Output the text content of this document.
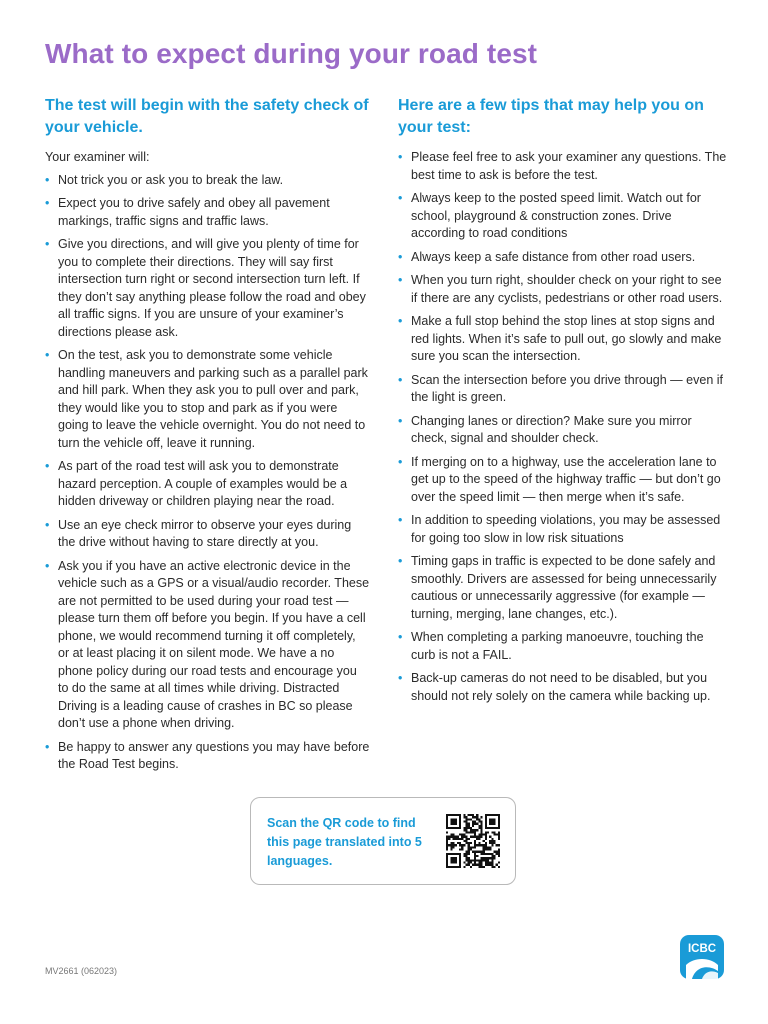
What to expect during your road test
The test will begin with the safety check of your vehicle.

Your examiner will:

• Not trick you or ask you to break the law.
• Expect you to drive safely and obey all pavement markings, traffic signs and traffic laws.
• Give you directions, and will give you plenty of time for you to complete their directions. They will say first intersection turn right or second intersection turn left. If they don’t say anything please follow the road and obey all traffic signs. If you are unsure of your examiner’s directions please ask.
• On the test, ask you to demonstrate some vehicle handling maneuvers and parking such as a parallel park and hill park. When they ask you to pull over and park, they would like you to stop and park as if you were going to leave the vehicle overnight. You do not need to turn the vehicle off, leave it running.
• As part of the road test will ask you to demonstrate hazard perception. A couple of examples would be a hidden driveway or children playing near the road.
• Use an eye check mirror to observe your eyes during the drive without having to stare directly at you.
• Ask you if you have an active electronic device in the vehicle such as a GPS or a visual/audio recorder. These are not permitted to be used during your road test — please turn them off before you begin. If you have a cell phone, we would recommend turning it off completely, or at least placing it on silent mode. We have a no phone policy during our road tests and encourage you to do the same at all times while driving. Distracted Driving is a leading cause of crashes in BC so please don’t use a phone when driving.
• Be happy to answer any questions you may have before the Road Test begins.
Here are a few tips that may help you on your test:
• Please feel free to ask your examiner any questions. The best time to ask is before the test.
• Always keep to the posted speed limit. Watch out for school, playground & construction zones. Drive according to road conditions
• Always keep a safe distance from other road users.
• When you turn right, shoulder check on your right to see if there are any cyclists, pedestrians or other road users.
• Make a full stop behind the stop lines at stop signs and red lights. When it’s safe to pull out, go slowly and make sure you scan the intersection.
• Scan the intersection before you drive through — even if the light is green.
• Changing lanes or direction? Make sure you mirror check, signal and shoulder check.
• If merging on to a highway, use the acceleration lane to get up to the speed of the highway traffic — but don’t go over the speed limit — then merge when it’s safe.
• In addition to speeding violations, you may be assessed for going too slow in low risk situations
• Timing gaps in traffic is expected to be done safely and smoothly. Drivers are assessed for being unnecessarily cautious or unnecessarily aggressive (for example — turning, merging, lane changes, etc.).
• When completing a parking manoeuvre, touching the curb is not a FAIL.
• Back-up cameras do not need to be disabled, but you should not rely solely on the camera while backing up.

Scan the QR code to find this page translated into 5 languages.

MV2661 (062023)
ICBC
